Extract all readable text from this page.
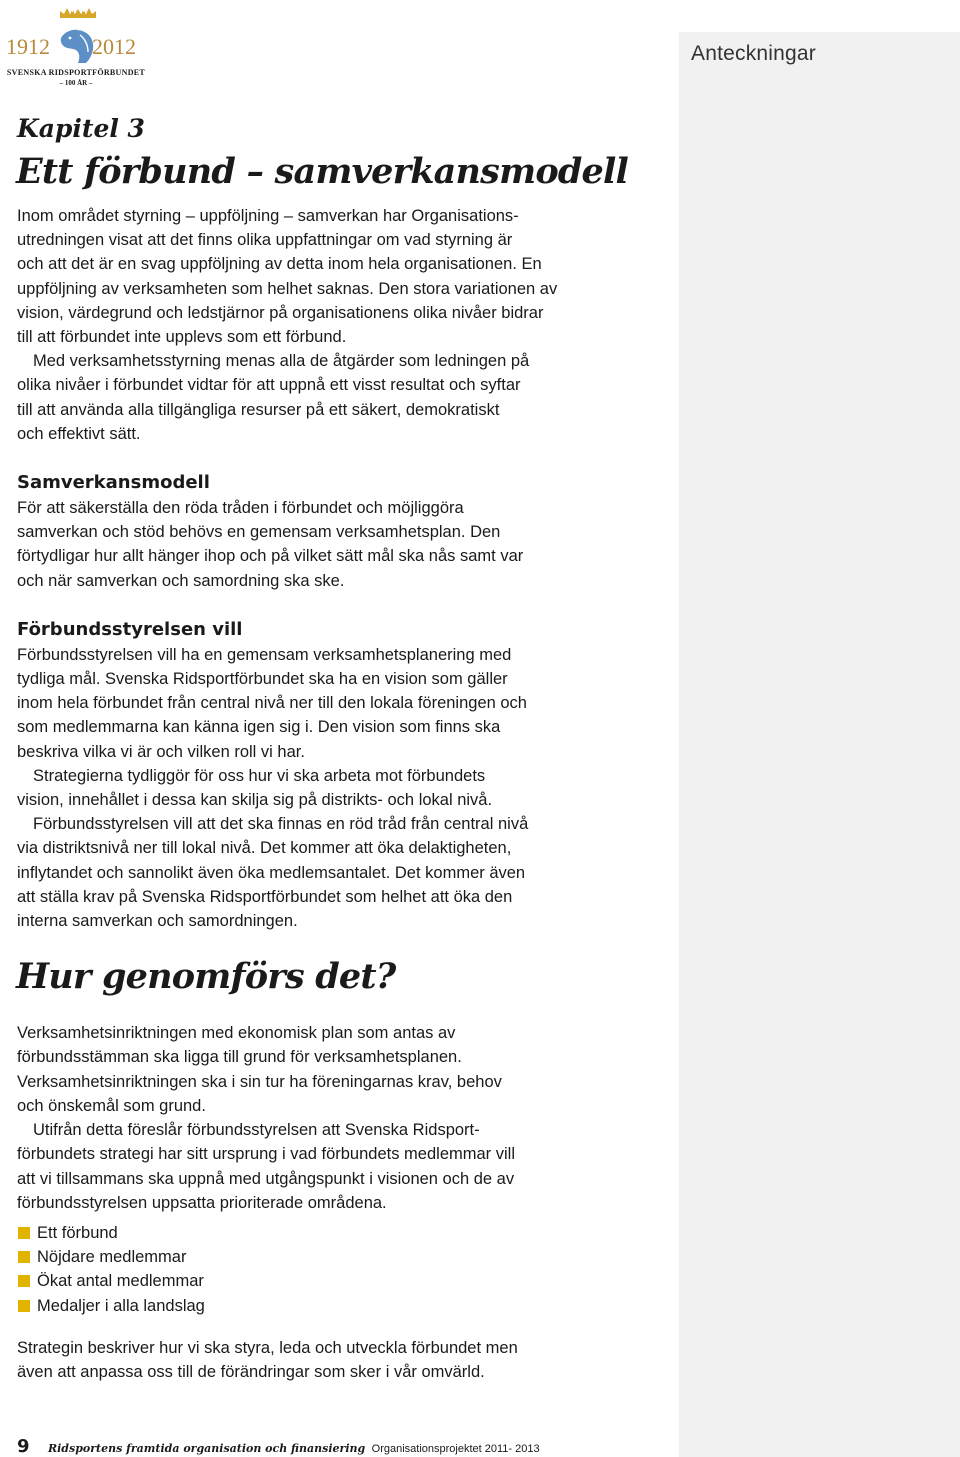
1912 2012
SVENSKA RIDSPORTFÖRBUNDET
– 100 ÅR –
Anteckningar
Kapitel 3
Ett förbund – samverkansmodell

Inom området styrning – uppföljning – samverkan har Organisations-
utredningen visat att det finns olika uppfattningar om vad styrning är
och att det är en svag uppföljning av detta inom hela organisationen. En
uppföljning av verksamheten som helhet saknas. Den stora variationen av
vision, värdegrund och ledstjärnor på organisationens olika nivåer bidrar
till att förbundet inte upplevs som ett förbund.

Med verksamhetsstyrning menas alla de åtgärder som ledningen på
olika nivåer i förbundet vidtar för att uppnå ett visst resultat och syftar
till att använda alla tillgängliga resurser på ett säkert, demokratiskt
och effektivt sätt.

Samverkansmodell

För att säkerställa den röda tråden i förbundet och möjliggöra
samverkan och stöd behövs en gemensam verksamhetsplan. Den
förtydligar hur allt hänger ihop och på vilket sätt mål ska nås samt var
och när samverkan och samordning ska ske.

Förbundsstyrelsen vill

Förbundsstyrelsen vill ha en gemensam verksamhetsplanering med
tydliga mål. Svenska Ridsportförbundet ska ha en vision som gäller
inom hela förbundet från central nivå ner till den lokala föreningen och
som medlemmarna kan känna igen sig i. Den vision som finns ska
beskriva vilka vi är och vilken roll vi har.

Strategierna tydliggör för oss hur vi ska arbeta mot förbundets
vision, innehållet i dessa kan skilja sig på distrikts- och lokal nivå.

Förbundsstyrelsen vill att det ska finnas en röd tråd från central nivå
via distriktsnivå ner till lokal nivå. Det kommer att öka delaktigheten,
inflytandet och sannolikt även öka medlemsantalet. Det kommer även
att ställa krav på Svenska Ridsportförbundet som helhet att öka den
interna samverkan och samordningen.

Hur genomförs det?

Verksamhetsinriktningen med ekonomisk plan som antas av
förbundsstämman ska ligga till grund för verksamhetsplanen.
Verksamhetsinriktningen ska i sin tur ha föreningarnas krav, behov
och önskemål som grund.

Utifrån detta föreslår förbundsstyrelsen att Svenska Ridsport-
förbundets strategi har sitt ursprung i vad förbundets medlemmar vill
att vi tillsammans ska uppnå med utgångspunkt i visionen och de av
förbundsstyrelsen uppsatta prioriterade områdena.

Ett förbund
Nöjdare medlemmar
Ökat antal medlemmar
Medaljer i alla landslag

Strategin beskriver hur vi ska styra, leda och utveckla förbundet men
även att anpassa oss till de förändringar som sker i vår omvärld.

9 Ridsportens framtida organisation och finansiering Organisationsprojektet 2011- 2013
